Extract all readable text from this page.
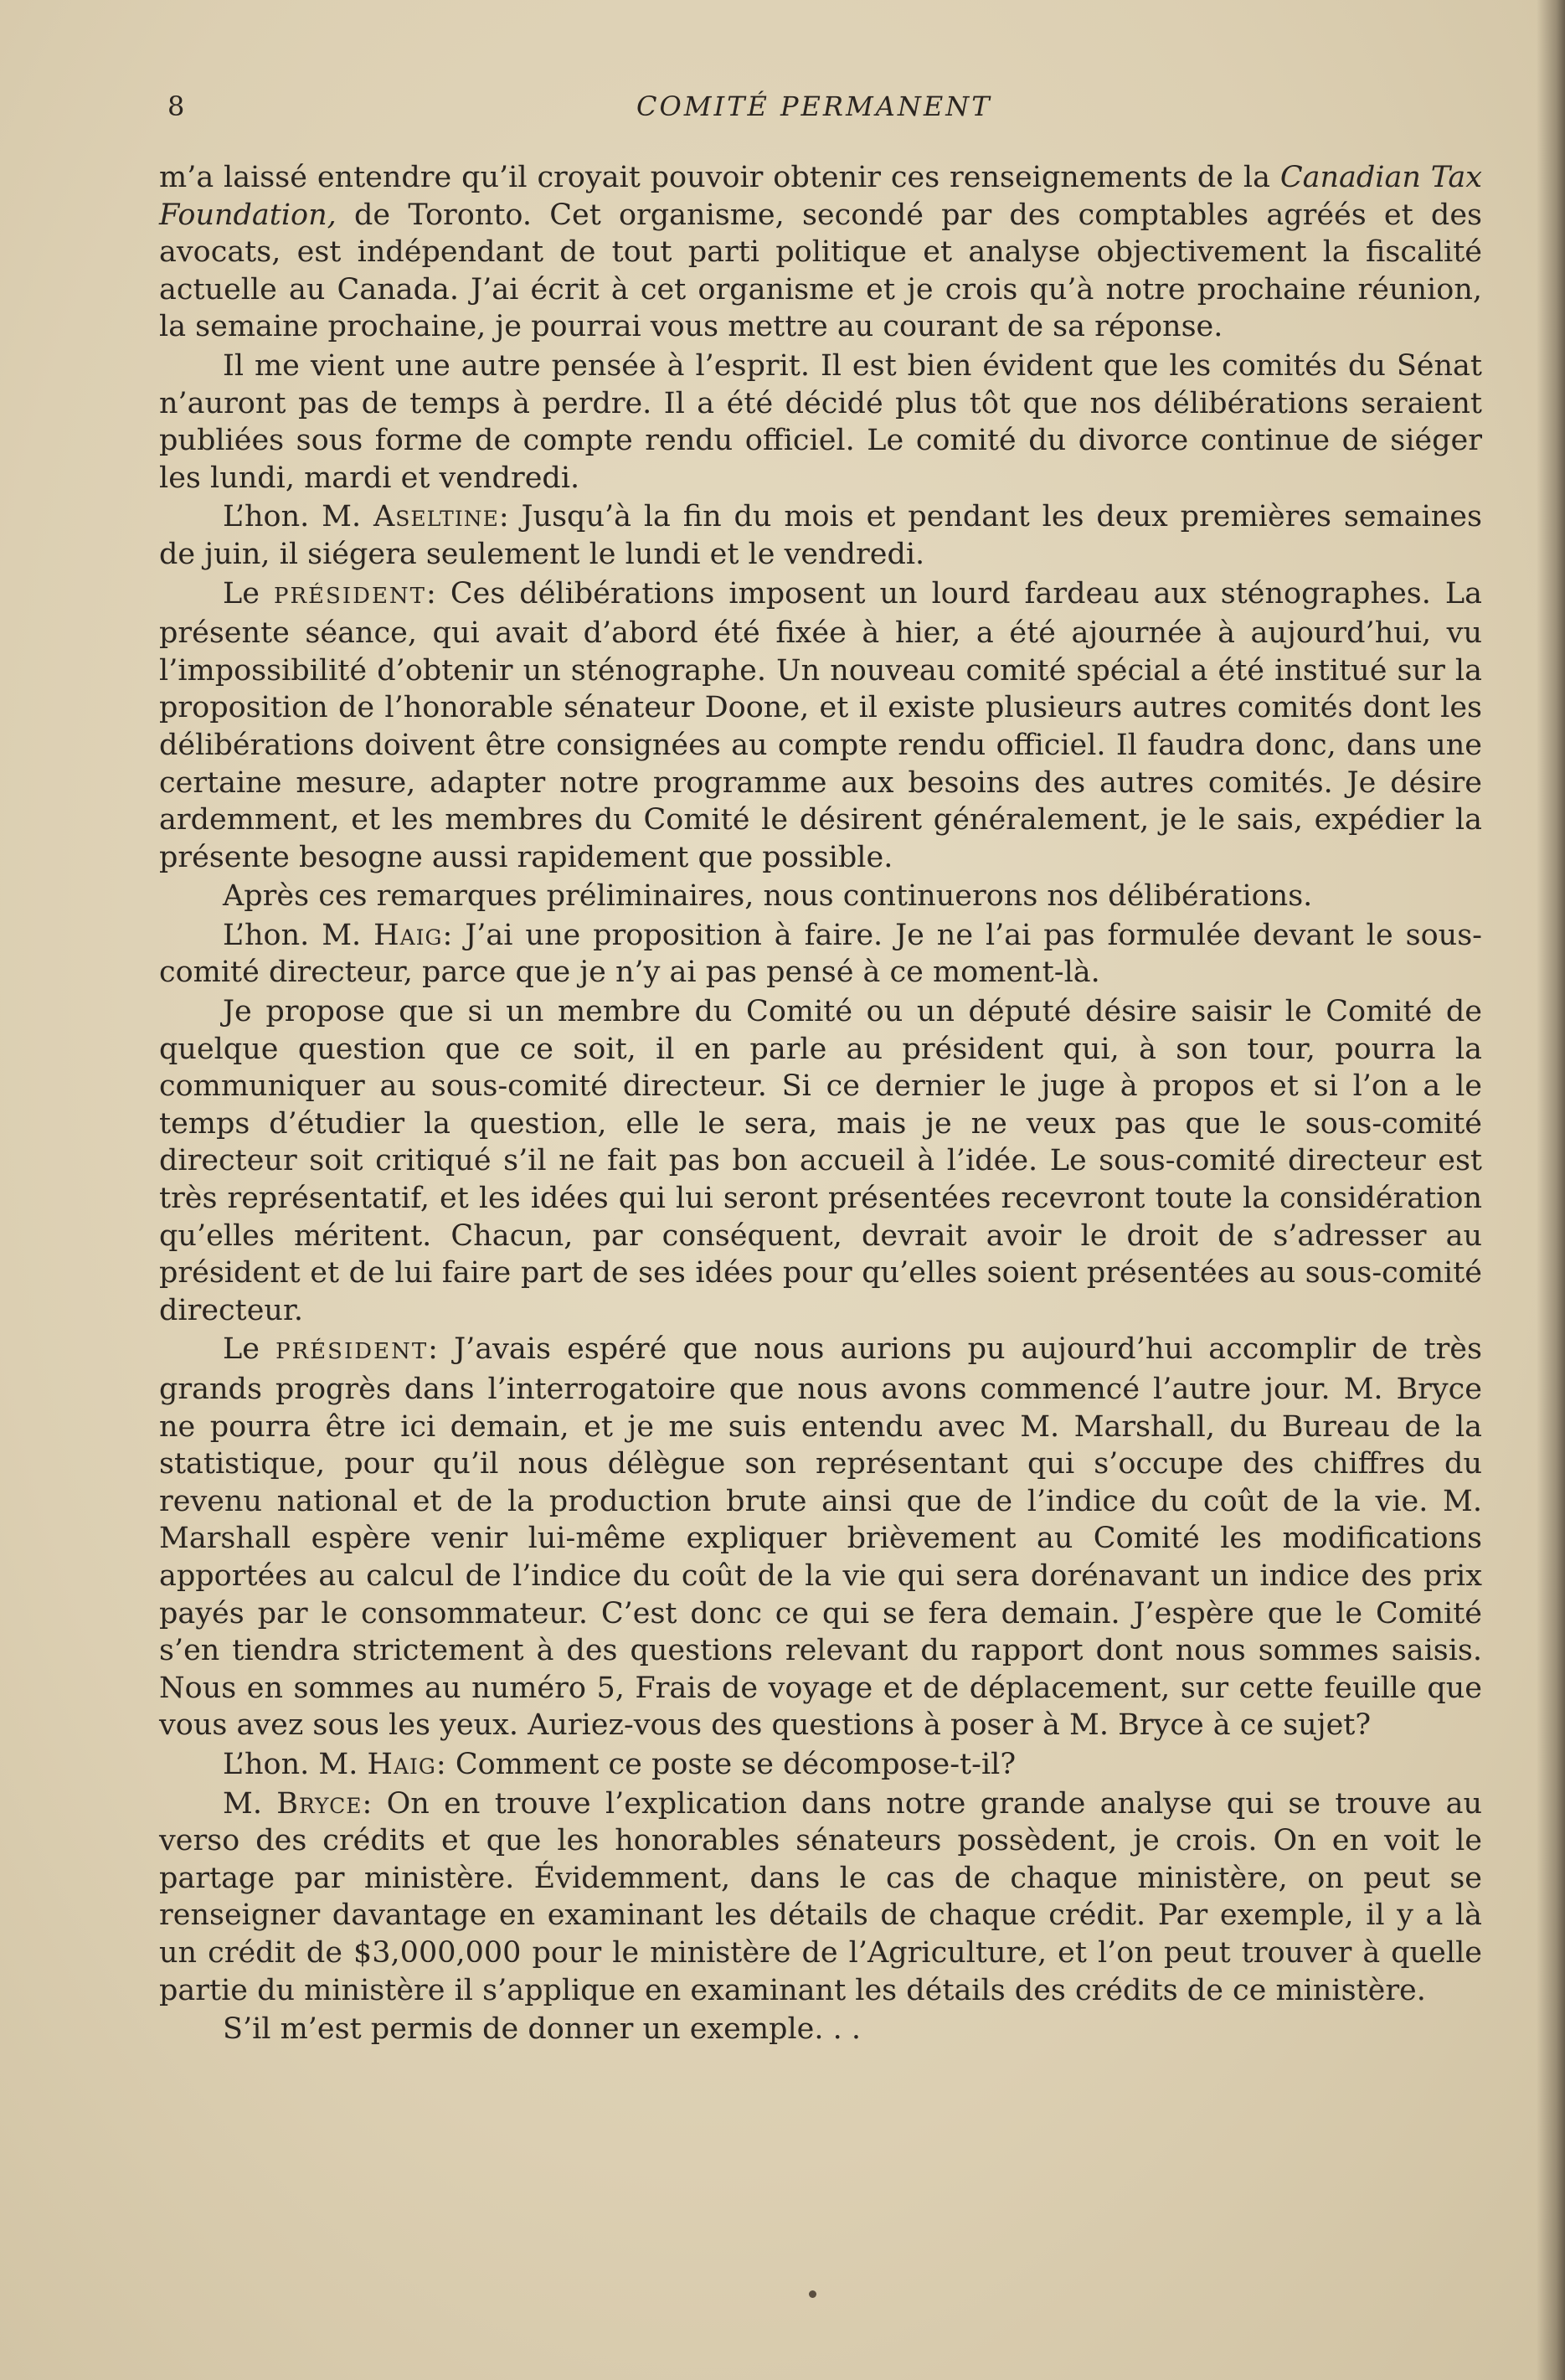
8	COMITÉ PERMANENT

m’a laissé entendre qu’il croyait pouvoir obtenir ces renseignements de la Canadian Tax Foundation, de Toronto. Cet organisme, secondé par des comptables agréés et des avocats, est indépendant de tout parti politique et analyse objectivement la fiscalité actuelle au Canada. J’ai écrit à cet organisme et je crois qu’à notre prochaine réunion, la semaine prochaine, je pourrai vous mettre au courant de sa réponse.

Il me vient une autre pensée à l’esprit. Il est bien évident que les comités du Sénat n’auront pas de temps à perdre. Il a été décidé plus tôt que nos délibérations seraient publiées sous forme de compte rendu officiel. Le comité du divorce continue de siéger les lundi, mardi et vendredi.

L’hon. M. Aseltine: Jusqu’à la fin du mois et pendant les deux premières semaines de juin, il siégera seulement le lundi et le vendredi.

Le PRÉSIDENT: Ces délibérations imposent un lourd fardeau aux sténographes. La présente séance, qui avait d’abord été fixée à hier, a été ajournée à aujourd’hui, vu l’impossibilité d’obtenir un sténographe. Un nouveau comité spécial a été institué sur la proposition de l’honorable sénateur Doone, et il existe plusieurs autres comités dont les délibérations doivent être consignées au compte rendu officiel. Il faudra donc, dans une certaine mesure, adapter notre programme aux besoins des autres comités. Je désire ardemment, et les membres du Comité le désirent généralement, je le sais, expédier la présente besogne aussi rapidement que possible.

Après ces remarques préliminaires, nous continuerons nos délibérations.

L’hon. M. Haig: J’ai une proposition à faire. Je ne l’ai pas formulée devant le sous-comité directeur, parce que je n’y ai pas pensé à ce moment-là.

Je propose que si un membre du Comité ou un député désire saisir le Comité de quelque question que ce soit, il en parle au président qui, à son tour, pourra la communiquer au sous-comité directeur. Si ce dernier le juge à propos et si l’on a le temps d’étudier la question, elle le sera, mais je ne veux pas que le sous-comité directeur soit critiqué s’il ne fait pas bon accueil à l’idée. Le sous-comité directeur est très représentatif, et les idées qui lui seront présentées recevront toute la considération qu’elles méritent. Chacun, par conséquent, devrait avoir le droit de s’adresser au président et de lui faire part de ses idées pour qu’elles soient présentées au sous-comité directeur.

Le PRÉSIDENT: J’avais espéré que nous aurions pu aujourd’hui accomplir de très grands progrès dans l’interrogatoire que nous avons commencé l’autre jour. M. Bryce ne pourra être ici demain, et je me suis entendu avec M. Marshall, du Bureau de la statistique, pour qu’il nous délègue son représentant qui s’occupe des chiffres du revenu national et de la production brute ainsi que de l’indice du coût de la vie. M. Marshall espère venir lui-même expliquer brièvement au Comité les modifications apportées au calcul de l’indice du coût de la vie qui sera dorénavant un indice des prix payés par le consommateur. C’est donc ce qui se fera demain. J’espère que le Comité s’en tiendra strictement à des questions relevant du rapport dont nous sommes saisis. Nous en sommes au numéro 5, Frais de voyage et de déplacement, sur cette feuille que vous avez sous les yeux. Auriez-vous des questions à poser à M. Bryce à ce sujet?

L’hon. M. Haig: Comment ce poste se décompose-t-il?

M. Bryce: On en trouve l’explication dans notre grande analyse qui se trouve au verso des crédits et que les honorables sénateurs possèdent, je crois. On en voit le partage par ministère. Évidemment, dans le cas de chaque ministère, on peut se renseigner davantage en examinant les détails de chaque crédit. Par exemple, il y a là un crédit de $3,000,000 pour le ministère de l’Agriculture, et l’on peut trouver à quelle partie du ministère il s’applique en examinant les détails des crédits de ce ministère.

S’il m’est permis de donner un exemple. . .
